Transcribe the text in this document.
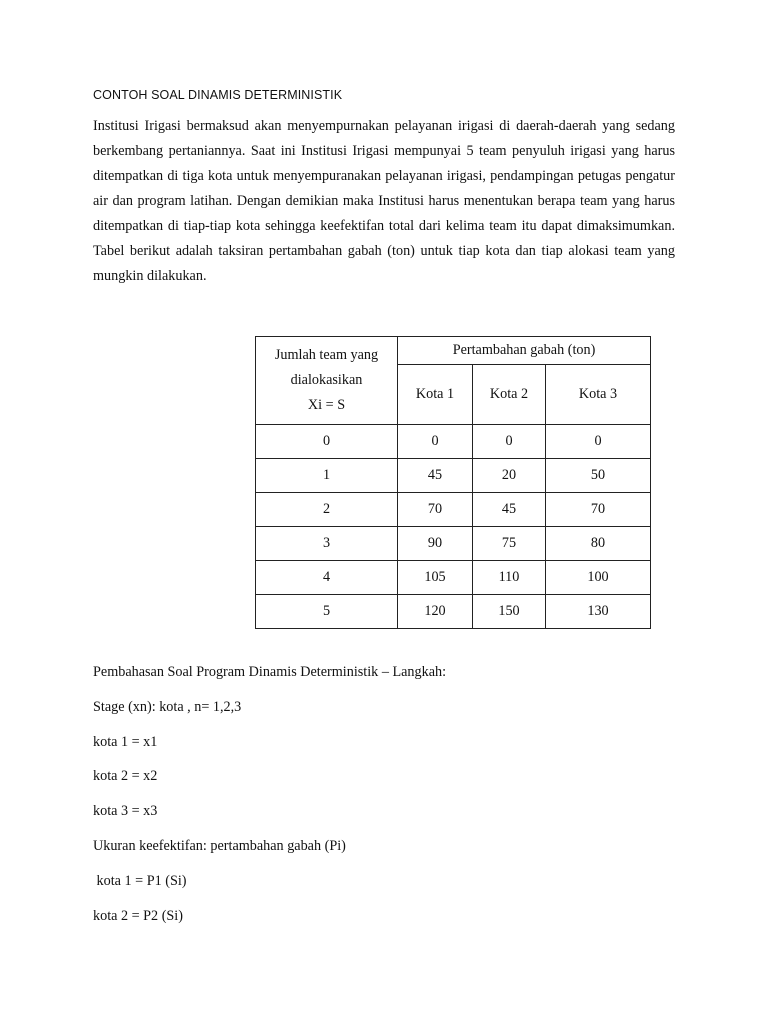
CONTOH SOAL DINAMIS DETERMINISTIK

Institusi Irigasi bermaksud akan menyempurnakan pelayanan irigasi di daerah-daerah yang sedang berkembang pertaniannya. Saat ini Institusi Irigasi mempunyai 5 team penyuluh irigasi yang harus ditempatkan di tiga kota untuk menyempuranakan pelayanan irigasi, pendampingan petugas pengatur air dan program latihan. Dengan demikian maka Institusi harus menentukan berapa team yang harus ditempatkan di tiap-tiap kota sehingga keefektifan total dari kelima team itu dapat dimaksimumkan. Tabel berikut adalah taksiran pertambahan gabah (ton) untuk tiap kota dan tiap alokasi team yang mungkin dilakukan.

Jumlah team yang
dialokasikan
Xi = S	Pertambahan gabah (ton)		
	Kota 1	Kota 2	Kota 3
0	0	0	0
1	45	20	50
2	70	45	70
3	90	75	80
4	105	110	100
5	120	150	130
Pembahasan Soal Program Dinamis Deterministik – Langkah:
Stage (xn): kota , n= 1,2,3
kota 1 = x1
kota 2 = x2
kota 3 = x3
Ukuran keefektifan: pertambahan gabah (Pi)
kota 1 = P1 (Si)
kota 2 = P2 (Si)
